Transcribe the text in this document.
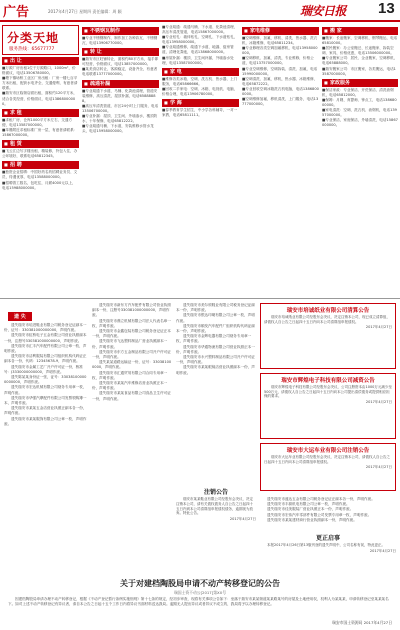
广告	2017年4月27日 星期四 责任编辑：周 颖	瑞安日报 13
分类天地
服务热线：65677777
■ 出 让

■万源厂房出租1位于万源路口，1000m²，价格面议，电话13506780000。

■塘下镇场桥工业区厂房出租：厂房一楼七百平方米出租，配套水电齐全，交通便利，有意者请联系。

■瑞安市区临街店面出租，面积约120平方米，适合各类经营，价格面议，电话13868000000。

■ 求 租

■求租厂房、仓库1000平方米左右，交通方便，电话13587000000。

■莘塍附近求租标准厂房一层，有意者请联系：15867000000。

■ 租 赁

■飞云江边写字楼出租，精装修，拎包入住，办公环境好，联系电话65812345。

■ 招 聘

■独资企业招聘：中国好药名药招聘业务员、文员，待遇优厚，电话13588000000。

■招聘普工数名，包吃住，月薪4000元以上，电话15988000000。

■ 不锈钢瓦制作

■专业不锈钢制作，制作加工各种彩瓦、不锈钢瓦，电话13906770000。

■ 转 让

■瑞安市区旺铺转让，面积约80平方米，接手即可经营，价格面议，电话13857000000。

■某美食店转让，客源稳定，设备齐全，有意者电话联系13777000000。

■ 疏通补漏

■专业疏通下水道、马桶、化粪池清理，管道安装维修，高压清洗，屋顶补漏，电话65888888。

■高压车清洗管道，市区24小时上门服务，电话13506700000。

■专业补漏：屋顶、卫生间、外墙渗水，楼顶防水，十年保修，电话65812222。

■专业疏通马桶、下水道，安装维修水管水龙头，电话15958000000。

■专业疏通：疏通马桶、下水道、化粪池清理，高压车清洗管道，电话15867000000。

■专业钻孔：墙体钻孔、空调孔、下水道钻孔，电话13958000000。

■专业疏通维修，疏通下水道、地漏、厨房管道，清理化粪池，电话13868000000。

■房屋补漏：楼顶、卫生间补漏，外墙渗水处理，电话13587000000。

■ 家 电

■维修各类冰箱、空调、洗衣机、热水器，上门服务，电话65866666。

■回收二手家电：空调、冰箱、电视机、电脑，价格合理，电话13906780000。

■ 学 海

■春季教育学生招生，中小学各科辅导，一对一家教，电话65811111。

■ 家电维修

■空调维修、加氟、移机、清洗，热水器、洗衣机、冰箱维修，电话65811234。

■专业修理各类空调加氟移机，电话13958000000。

■空调移机、加氟、清洗，专业维修，价格公道，电话13757000000。

■专业空调维修，空调拆装、清洗、加氟，电话15990000000。

■空调清洗、加氟、移机，热水器、冰箱维修，电话65872222。

■专业回收空调冰箱洗衣机电脑，电话13868000000。

■空调维修加氟，移机清洗，上门服务，电话13777000000。

■ 搬 家

■搬家：长途搬家、空调移机、钢琴搬运，电话65810000。

■居民搬家：办公室搬迁、长途搬家、拆装空调、家具，价格优惠，电话13506000000。

■专业搬家公司：居民、企业搬家，空调移机，电话65888000。

■瑞安搬家公司：市区搬家，各类搬运，电话13587000000。

■ 家政服务

■保洁家政：专业保洁、开荒保洁、清洗油烟机，电话65812000。

■保姆：月嫂、育婴师、钟点工，电话13868000000。

■家电清洗：空调、洗衣机、油烟机，电话13957000000。

■专业保洁，家庭保洁，外墙清洗，电话15867000000。

遗 失

遗失瑞安市培进鞋业有限公司税务登记证副本一份，证号：330381000000000，声明作废。

遗失瑞安市虹桥电子五金有限公司营业执照副本一份，注册号330381000000000，声明作废。

遗失瑞安市汇丰汽车配件有限公司公章一枚，声明作废。

遗失瑞安市洁利服装有限公司组织机构代码证正副本各一份，代码：12345678-9，声明作废。

遗失瑞安市金属工艺厂开户许可证一份，核准号：J3330000000000，声明作废。

遗失陈某某身份证一张，证号：330381000000000000，声明作废。

遗失瑞安市宏达机械有限公司财务专用章一枚，声明作废。

遗失瑞安市华强汽摩配件有限公司发票领购簿一本，声明作废。

遗失瑞安市某某五金店营业执照正副本各一份，声明作废。

遗失瑞安市某某服饰有限公司公章一枚，声明作废。

遗失瑞安市新东方汽车配件有限公司营业执照副本一份，注册号330381000000000，声明作废。

遗失瑞安市鼎立机械有限公司法人代表名章一枚，声明作废。

遗失瑞安市金鑫包装有限公司税务登记证正本一份，声明作废。

遗失瑞安市飞达塑料制品厂营业执照副本一份，声明作废。

遗失瑞安市东方五金制品有限公司开户许可证一份，声明作废。

遗失某某道路运输证一份，证号：330381000000，声明作废。

遗失瑞安市汇通贸易有限公司合同专用章一枚，声明作废。

遗失瑞安市某某汽车维修店营业执照正本一份，声明作废。

遗失瑞安市某某食品有限公司食品卫生许可证一份，声明作废。

遗失瑞安市美尔顿鞋业有限公司税务登记证副本一份，声明作废。

遗失瑞安市银达印刷有限公司公章一枚，声明作废。

遗失瑞安市顺发汽车配件厂组织机构代码证副本一份，声明作废。

遗失瑞安市金辉电器有限公司财务专用章一枚，声明作废。

遗失瑞安市华通物流有限公司营业执照正本一份，声明作废。

遗失瑞安市永兴塑料制品有限公司开户许可证一份，声明作废。

遗失瑞安市某某眼镜店营业执照副本一份，声明作废。

注销公告

瑞安市某某鞋业有限公司经股东会决议，决定注销本公司，请有关债权债务人自公告之日起四十五日内到本公司清算组申报债权债务，逾期视为放弃。特此公告。

2017年4月27日
瑞安市培诚纸业有限公司清算公告

瑞安市培诚纸业有限公司经股东会决议，决定注销本公司，现已成立清算组，请债权人自公告之日起四十五日内向本公司清算组申报债权。

2017年4月27日
瑞安市辉煌电子科技有限公司减资公告

瑞安市辉煌电子科技有限公司经股东会决议，公司注册资本由1000万元减少至500万元，请债权人自公告之日起四十五日内向本公司提出清偿债务或提供相应担保的要求。

2017年4月27日
瑞安市大运车业有限公司注销公告

瑞安市大运车业有限公司经股东会决议，决定注销本公司，请债权人自公告之日起四十五日内向本公司清算组申报债权。

2017年4月27日

遗失瑞安市盛达五金有限公司税务登记证正副本各一份，声明作废。

遗失瑞安市丰源机电有限公司公章一枚，声明作废。

遗失瑞安市佳美服装厂营业执照正本一份，声明作废。

遗失瑞安市宏伟汽车零部件有限公司发票专用章一枚，声明作废。

遗失瑞安市某某建材商行营业执照副本一份，声明作废。

更正启事

本报2017年4月26日第13版刊登的遗失声明中，公司名称有误，特此更正。

2017年4月27日
关于对建档陶股局申请不动产转移登记的公告
瑞国土资不动公[2017]第XX号

因建档陶股局申请办理不动产转移登记，根据《不动产登记暂行条例实施细则》第十七条的规定，经初步审查，现将有关事项公告如下：坐落于瑞安市某某街道某某路某号的房屋及土地使用权，权利人为某某某，申请转移登记至某某某名下。如对上述不动产转移登记有异议者，请自本公告之日起十五个工作日内将异议书面材料送达我局。逾期无人提出异议或者异议不成立的，我局将予以办理转移登记。

瑞安市国土资源局 2017年4月27日
